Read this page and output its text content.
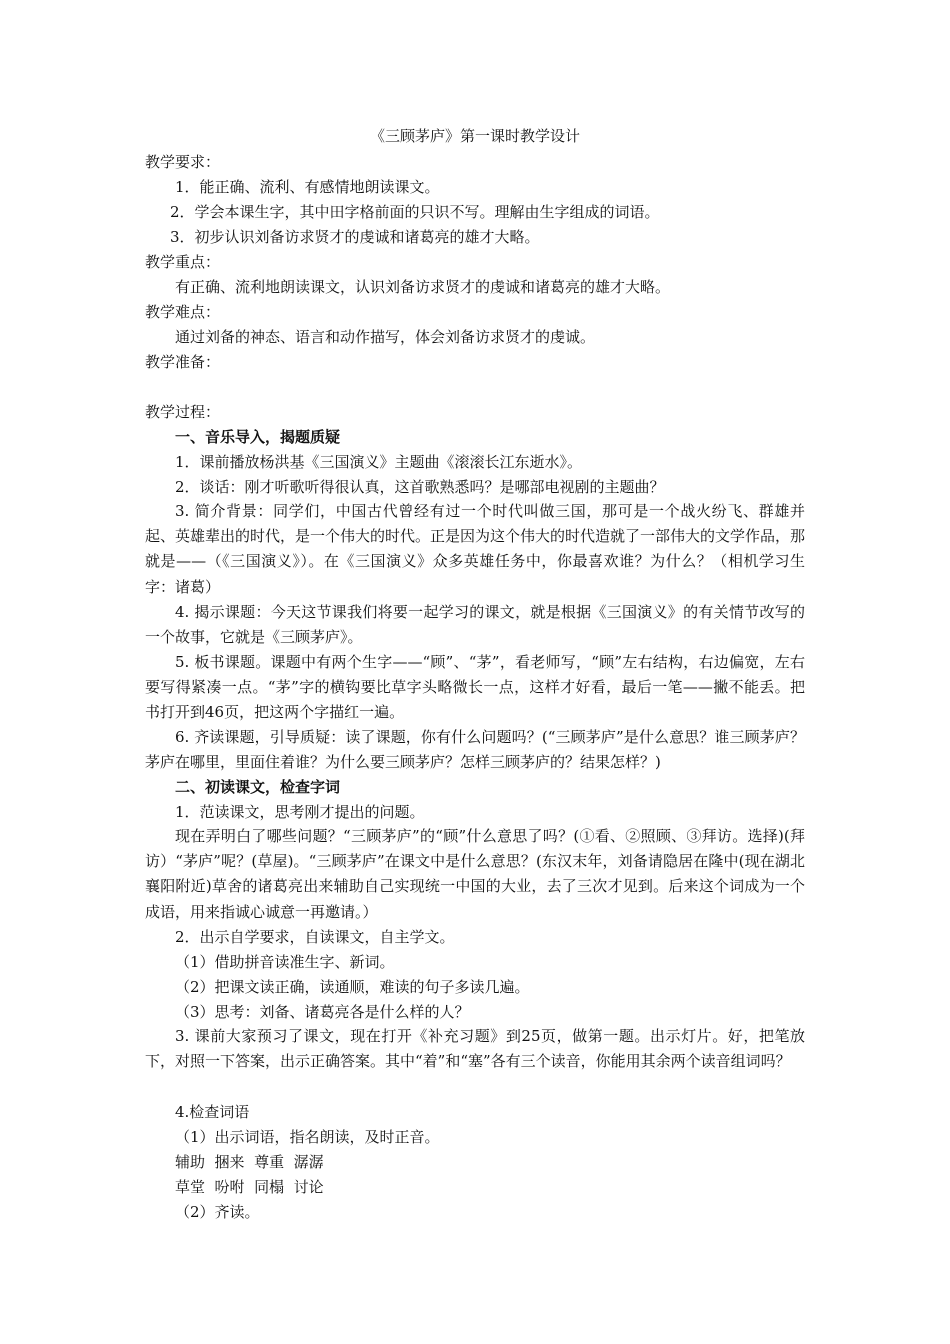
《三顾茅庐》第一课时教学设计
教学要求：
1．能正确、流利、有感情地朗读课文。
2．学会本课生字，其中田字格前面的只识不写。理解由生字组成的词语。
3．初步认识刘备访求贤才的虔诚和诸葛亮的雄才大略。
教学重点：
有正确、流利地朗读课文，认识刘备访求贤才的虔诚和诸葛亮的雄才大略。
教学难点：
通过刘备的神态、语言和动作描写，体会刘备访求贤才的虔诚。
教学准备：
教学过程：
一、音乐导入，揭题质疑
1．课前播放杨洪基《三国演义》主题曲《滚滚长江东逝水》。
2．谈话：刚才听歌听得很认真，这首歌熟悉吗？是哪部电视剧的主题曲？
3. 简介背景：同学们，中国古代曾经有过一个时代叫做三国，那可是一个战火纷飞、群雄并起、英雄辈出的时代，是一个伟大的时代。正是因为这个伟大的时代造就了一部伟大的文学作品，那就是——（《三国演义》）。在《三国演义》众多英雄任务中，你最喜欢谁？为什么？（相机学习生字：诸葛）
4. 揭示课题：今天这节课我们将要一起学习的课文，就是根据《三国演义》的有关情节改写的一个故事，它就是《三顾茅庐》。
5. 板书课题。课题中有两个生字——“顾”、“茅”，看老师写，“顾”左右结构，右边偏宽，左右要写得紧凑一点。“茅”字的横钩要比草字头略微长一点，这样才好看，最后一笔——撇不能丢。把书打开到46页，把这两个字描红一遍。
6. 齐读课题，引导质疑：读了课题，你有什么问题吗？(“三顾茅庐”是什么意思？谁三顾茅庐？茅庐在哪里，里面住着谁？为什么要三顾茅庐？怎样三顾茅庐的？结果怎样？)
二、初读课文，检查字词
1．范读课文，思考刚才提出的问题。
现在弄明白了哪些问题？“三顾茅庐”的“顾”什么意思了吗？(①看、②照顾、③拜访。选择)(拜访）“茅庐”呢？(草屋)。“三顾茅庐”在课文中是什么意思？(东汉末年，刘备请隐居在隆中(现在湖北襄阳附近)草舍的诸葛亮出来辅助自己实现统一中国的大业，去了三次才见到。后来这个词成为一个成语，用来指诚心诚意一再邀请。）
2．出示自学要求，自读课文，自主学文。
（1）借助拼音读准生字、新词。
（2）把课文读正确，读通顺，难读的句子多读几遍。
（3）思考：刘备、诸葛亮各是什么样的人？
3. 课前大家预习了课文，现在打开《补充习题》到25页，做第一题。出示灯片。好，把笔放下，对照一下答案，出示正确答案。其中“着”和“塞”各有三个读音，你能用其余两个读音组词吗？
4.检查词语
（1）出示词语，指名朗读，及时正音。
辅助  捆来  尊重  潺潺
草堂  吩咐  同榻  讨论
（2）齐读。
